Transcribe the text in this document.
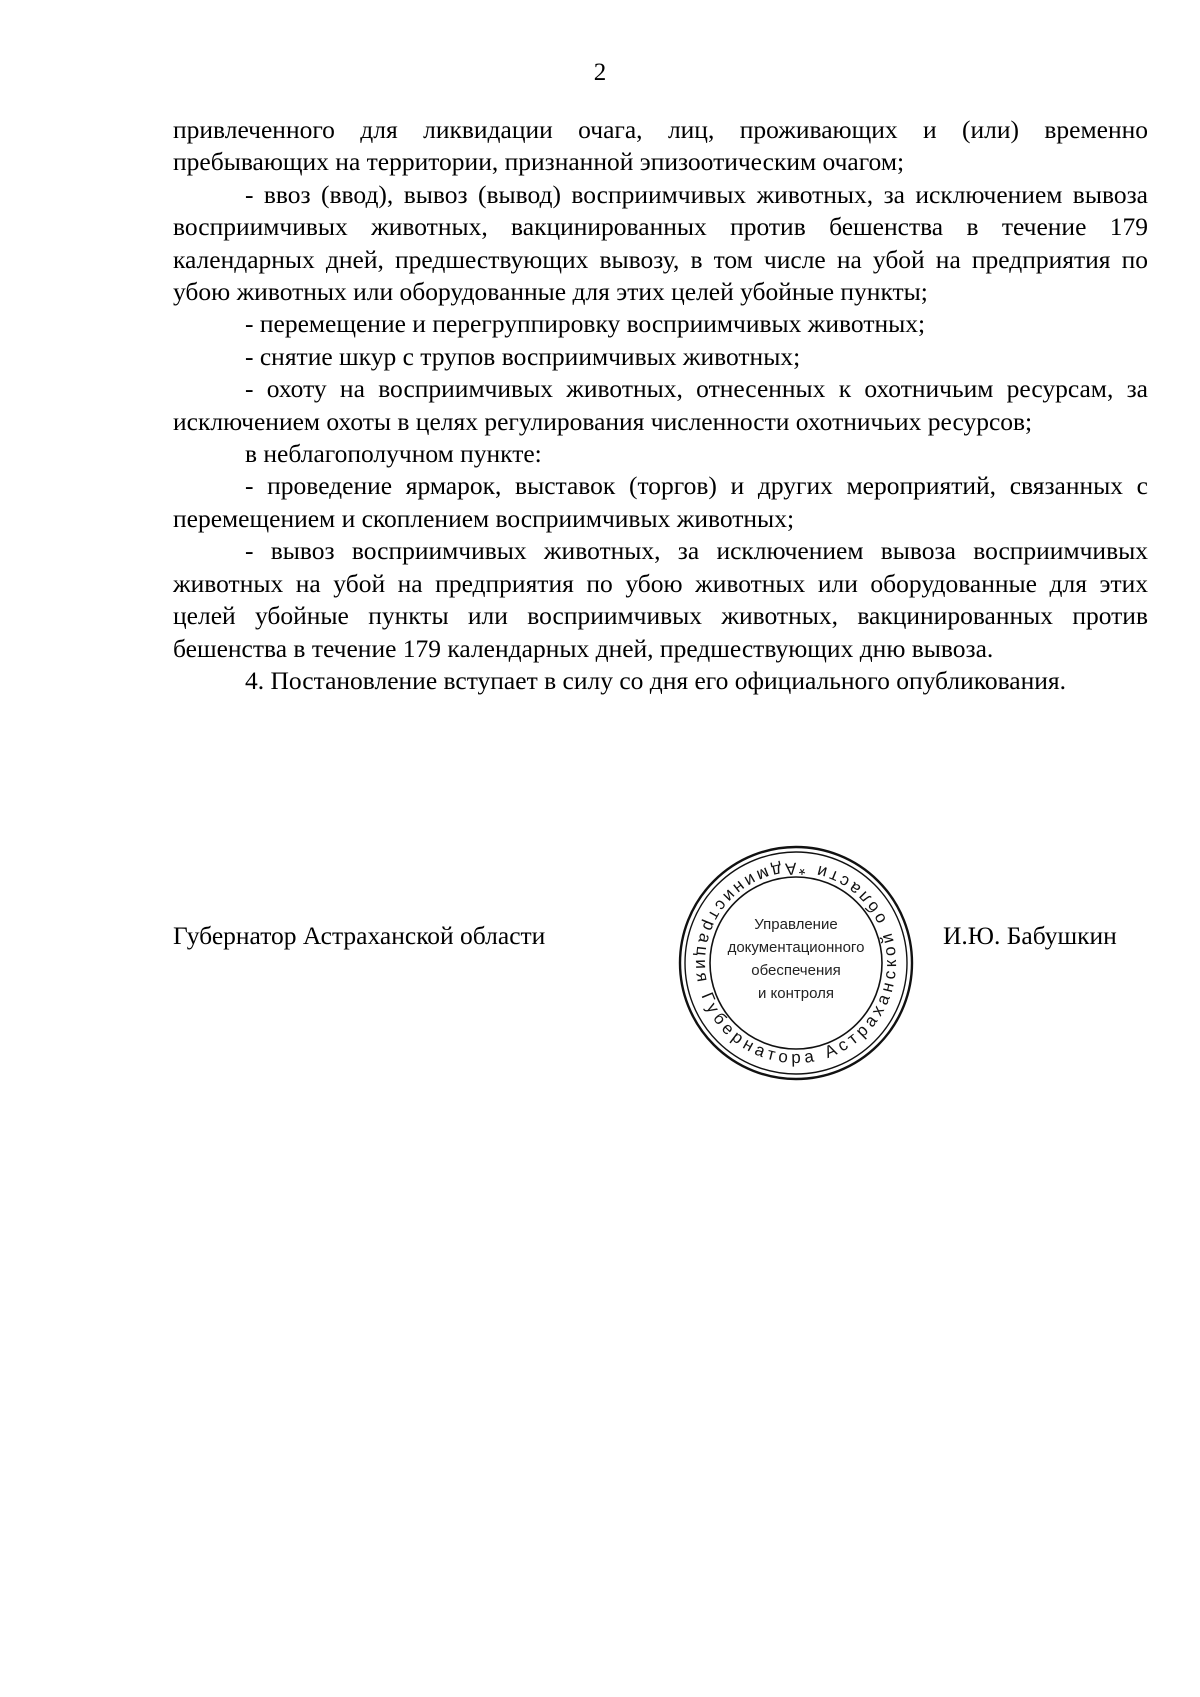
2

привлеченного для ликвидации очага, лиц, проживающих и (или) временно пребывающих на территории, признанной эпизоотическим очагом;

- ввоз (ввод), вывоз (вывод) восприимчивых животных, за исключением вывоза восприимчивых животных, вакцинированных против бешенства в течение 179 календарных дней, предшествующих вывозу, в том числе на убой на предприятия по убою животных или оборудованные для этих целей убойные пункты;

- перемещение и перегруппировку восприимчивых животных;

- снятие шкур с трупов восприимчивых животных;

- охоту на восприимчивых животных, отнесенных к охотничьим ресурсам, за исключением охоты в целях регулирования численности охотничьих ресурсов;

в неблагополучном пункте:

- проведение ярмарок, выставок (торгов) и других мероприятий, связанных с перемещением и скоплением восприимчивых животных;

- вывоз восприимчивых животных, за исключением вывоза восприимчивых животных на убой на предприятия по убою животных или оборудованные для этих целей убойные пункты или восприимчивых животных, вакцинированных против бешенства в течение 179 календарных дней, предшествующих дню вывоза.

4. Постановление вступает в силу со дня его официального опубликования.

Губернатор Астраханской области
Администрация Губернатора Астраханской области *
Управление
документационного
обеспечения
и контроля
И.Ю. Бабушкин
